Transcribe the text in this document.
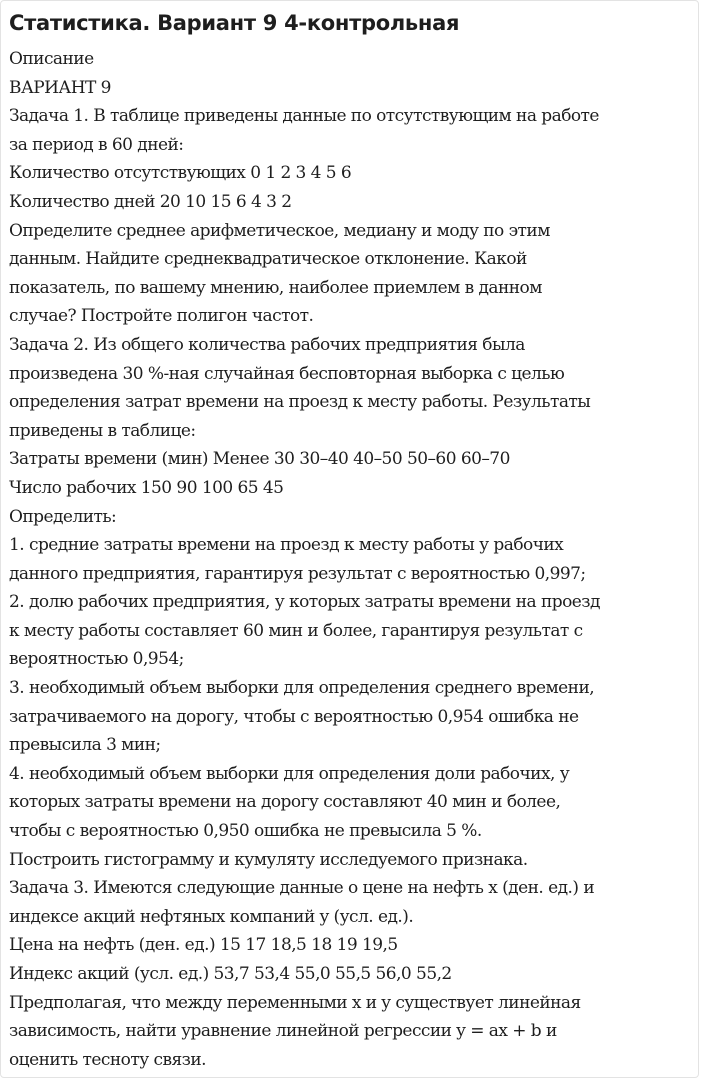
Статистика. Вариант 9 4-контрольная
Описание
ВАРИАНТ 9
Задача 1. В таблице приведены данные по отсутствующим на работе
за период в 60 дней:
Количество отсутствующих 0 1 2 3 4 5 6
Количество дней 20 10 15 6 4 3 2
Определите среднее арифметическое, медиану и моду по этим
данным. Найдите среднеквадратическое отклонение. Какой
показатель, по вашему мнению, наиболее приемлем в данном
случае? Постройте полигон частот.
Задача 2. Из общего количества рабочих предприятия была
произведена 30 %-ная случайная бесповторная выборка с целью
определения затрат времени на проезд к месту работы. Результаты
приведены в таблице:
Затраты времени (мин) Менее 30 30–40 40–50 50–60 60–70
Число рабочих 150 90 100 65 45
Определить:
1. средние затраты времени на проезд к месту работы у рабочих
данного предприятия, гарантируя результат с вероятностью 0,997;
2. долю рабочих предприятия, у которых затраты времени на проезд
к месту работы составляет 60 мин и более, гарантируя результат с
вероятностью 0,954;
3. необходимый объем выборки для определения среднего времени,
затрачиваемого на дорогу, чтобы с вероятностью 0,954 ошибка не
превысила 3 мин;
4. необходимый объем выборки для определения доли рабочих, у
которых затраты времени на дорогу составляют 40 мин и более,
чтобы с вероятностью 0,950 ошибка не превысила 5 %.
Построить гистограмму и кумуляту исследуемого признака.
Задача 3. Имеются следующие данные о цене на нефть x (ден. ед.) и
индексе акций нефтяных компаний y (усл. ед.).
Цена на нефть (ден. ед.) 15 17 18,5 18 19 19,5
Индекс акций (усл. ед.) 53,7 53,4 55,0 55,5 56,0 55,2
Предполагая, что между переменными x и y существует линейная
зависимость, найти уравнение линейной регрессии y = ax + b и
оценить тесноту связи.
